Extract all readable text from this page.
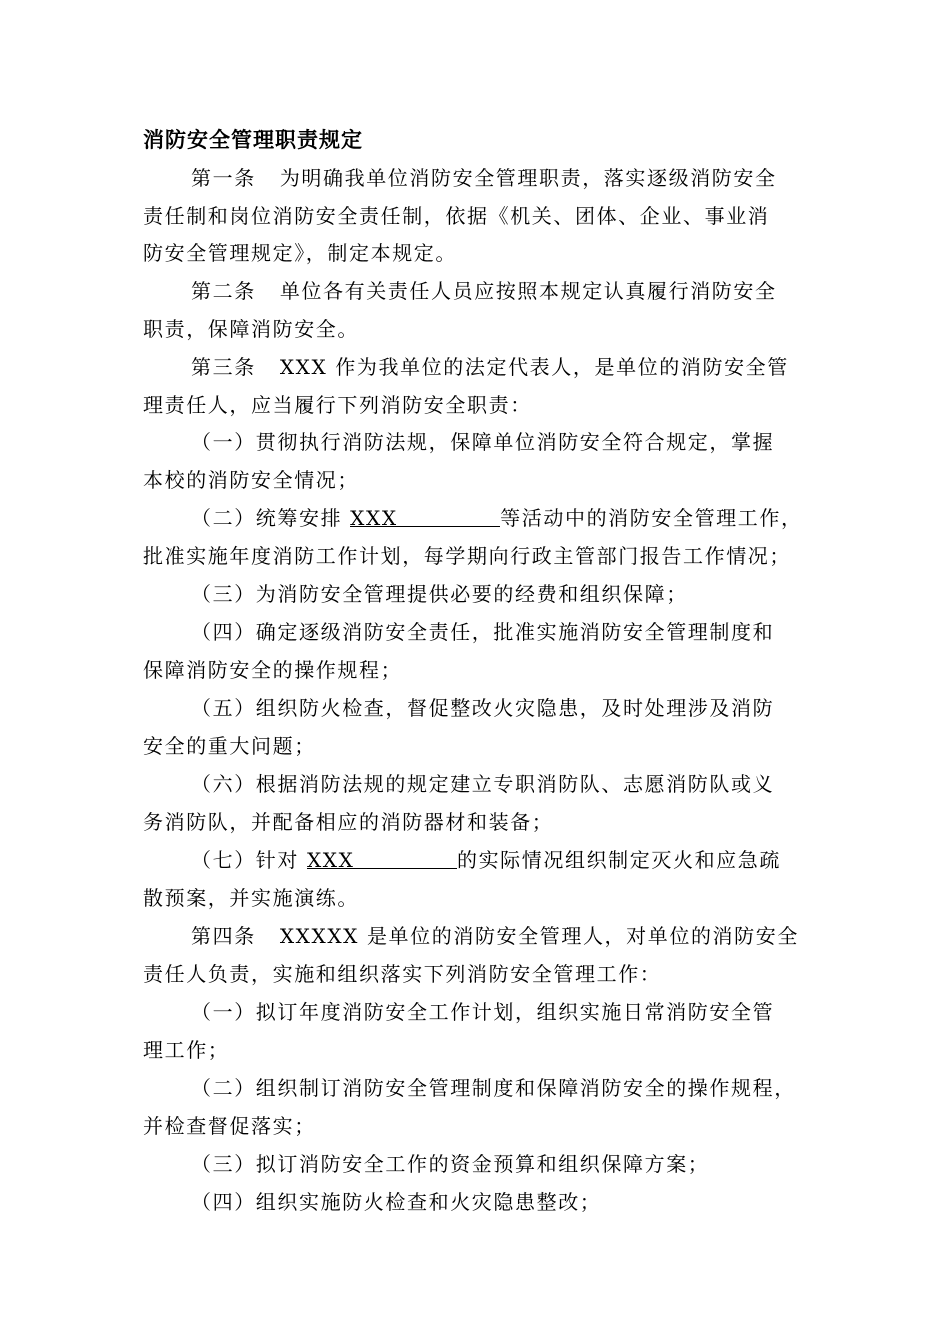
消防安全管理职责规定
第一条 为明确我单位消防安全管理职责，落实逐级消防安全
责任制和岗位消防安全责任制，依据《机关、团体、企业、事业消
防安全管理规定》，制定本规定。
第二条 单位各有关责任人员应按照本规定认真履行消防安全
职责，保障消防安全。
第三条 XXX 作为我单位的法定代表人，是单位的消防安全管
理责任人，应当履行下列消防安全职责：
（一）贯彻执行消防法规，保障单位消防安全符合规定，掌握
本校的消防安全情况；
（二）统筹安排 XXX	等活动中的消防安全管理工作，
批准实施年度消防工作计划，每学期向行政主管部门报告工作情况；
（三）为消防安全管理提供必要的经费和组织保障；
（四）确定逐级消防安全责任，批准实施消防安全管理制度和
保障消防安全的操作规程；
（五）组织防火检查，督促整改火灾隐患，及时处理涉及消防
安全的重大问题；
（六）根据消防法规的规定建立专职消防队、志愿消防队或义
务消防队，并配备相应的消防器材和装备；
（七）针对 XXX	的实际情况组织制定灭火和应急疏
散预案，并实施演练。
第四条 XXXXX 是单位的消防安全管理人，对单位的消防安全
责任人负责，实施和组织落实下列消防安全管理工作：
（一）拟订年度消防安全工作计划，组织实施日常消防安全管
理工作；
（二）组织制订消防安全管理制度和保障消防安全的操作规程，
并检查督促落实；
（三）拟订消防安全工作的资金预算和组织保障方案；
（四）组织实施防火检查和火灾隐患整改；
